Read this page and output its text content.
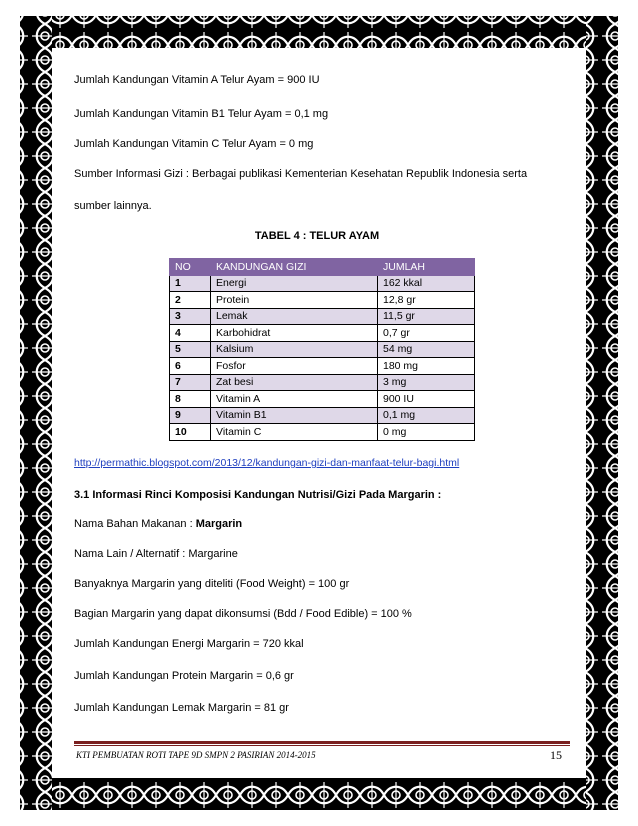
Jumlah Kandungan Vitamin A Telur Ayam = 900 IU
Jumlah Kandungan Vitamin B1 Telur Ayam = 0,1 mg
Jumlah Kandungan Vitamin C Telur Ayam = 0 mg
Sumber Informasi Gizi : Berbagai publikasi Kementerian Kesehatan Republik Indonesia serta
sumber lainnya.
TABEL 4 : TELUR AYAM
NO	KANDUNGAN GIZI	JUMLAH
1	Energi	162 kkal
2	Protein	12,8 gr
3	Lemak	11,5 gr
4	Karbohidrat	0,7 gr
5	Kalsium	54 mg
6	Fosfor	180 mg
7	Zat besi	3 mg
8	Vitamin A	900 IU
9	Vitamin B1	0,1 mg
10	Vitamin C	0 mg
http://permathic.blogspot.com/2013/12/kandungan-gizi-dan-manfaat-telur-bagi.html
3.1 Informasi Rinci Komposisi Kandungan Nutrisi/Gizi Pada Margarin :
Nama Bahan Makanan : Margarin
Nama Lain / Alternatif : Margarine
Banyaknya Margarin yang diteliti (Food Weight) = 100 gr
Bagian Margarin yang dapat dikonsumsi (Bdd / Food Edible) = 100 %
Jumlah Kandungan Energi Margarin = 720 kkal
Jumlah Kandungan Protein Margarin = 0,6 gr
Jumlah Kandungan Lemak Margarin = 81 gr
KTI PEMBUATAN ROTI TAPE 9D SMPN 2 PASIRIAN 2014-2015	15
